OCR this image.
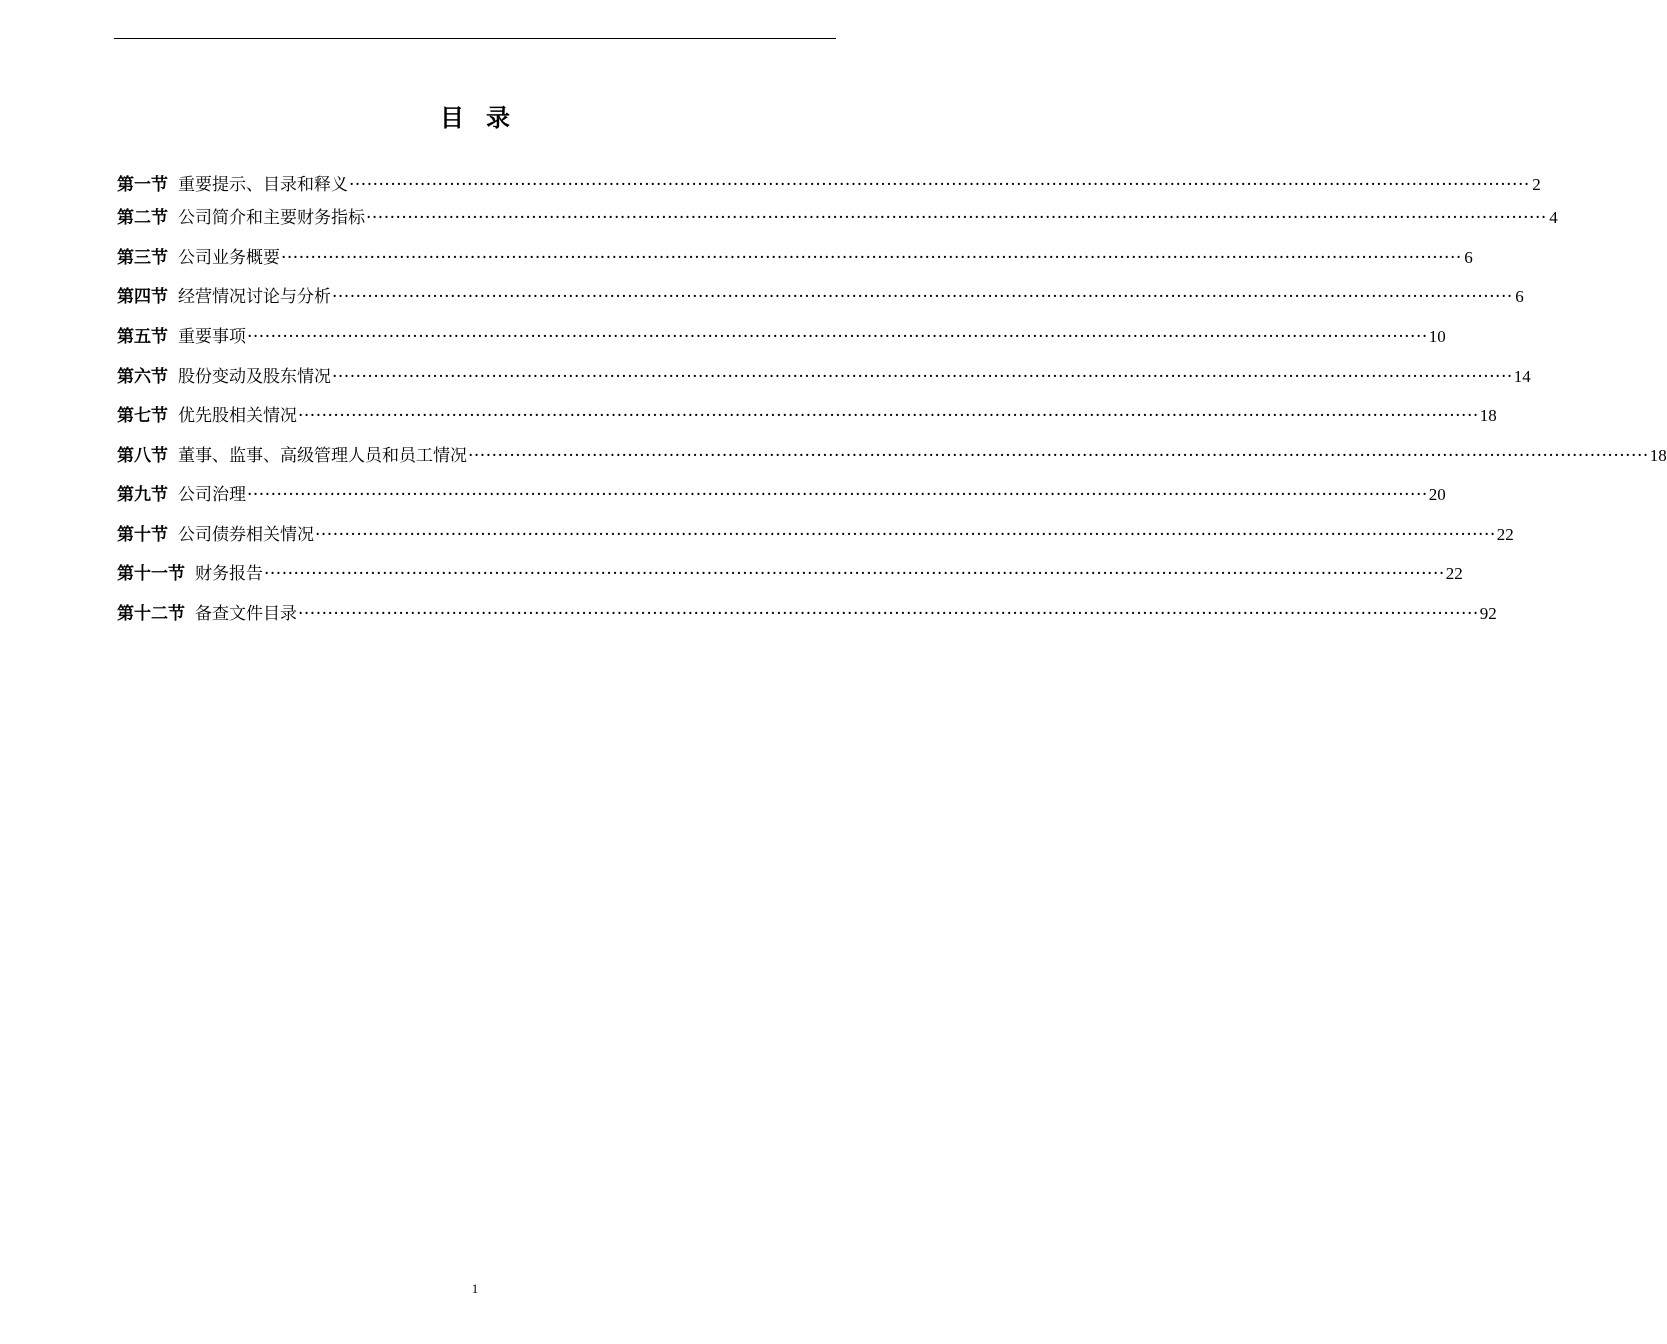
目录
第一节 重要提示、目录和释义 ········································································································································································································ 2
第二节 公司简介和主要财务指标 ········································································································································································································ 4
第三节 公司业务概要 ········································································································································································································ 6
第四节 经营情况讨论与分析 ········································································································································································································ 6
第五节 重要事项 ········································································································································································································ 10
第六节 股份变动及股东情况 ········································································································································································································ 14
第七节 优先股相关情况 ········································································································································································································ 18
第八节 董事、监事、高级管理人员和员工情况 ········································································································································································································ 18
第九节 公司治理 ········································································································································································································ 20
第十节 公司债券相关情况 ········································································································································································································ 22
第十一节 财务报告 ········································································································································································································ 22
第十二节 备查文件目录 ········································································································································································································ 92
1
